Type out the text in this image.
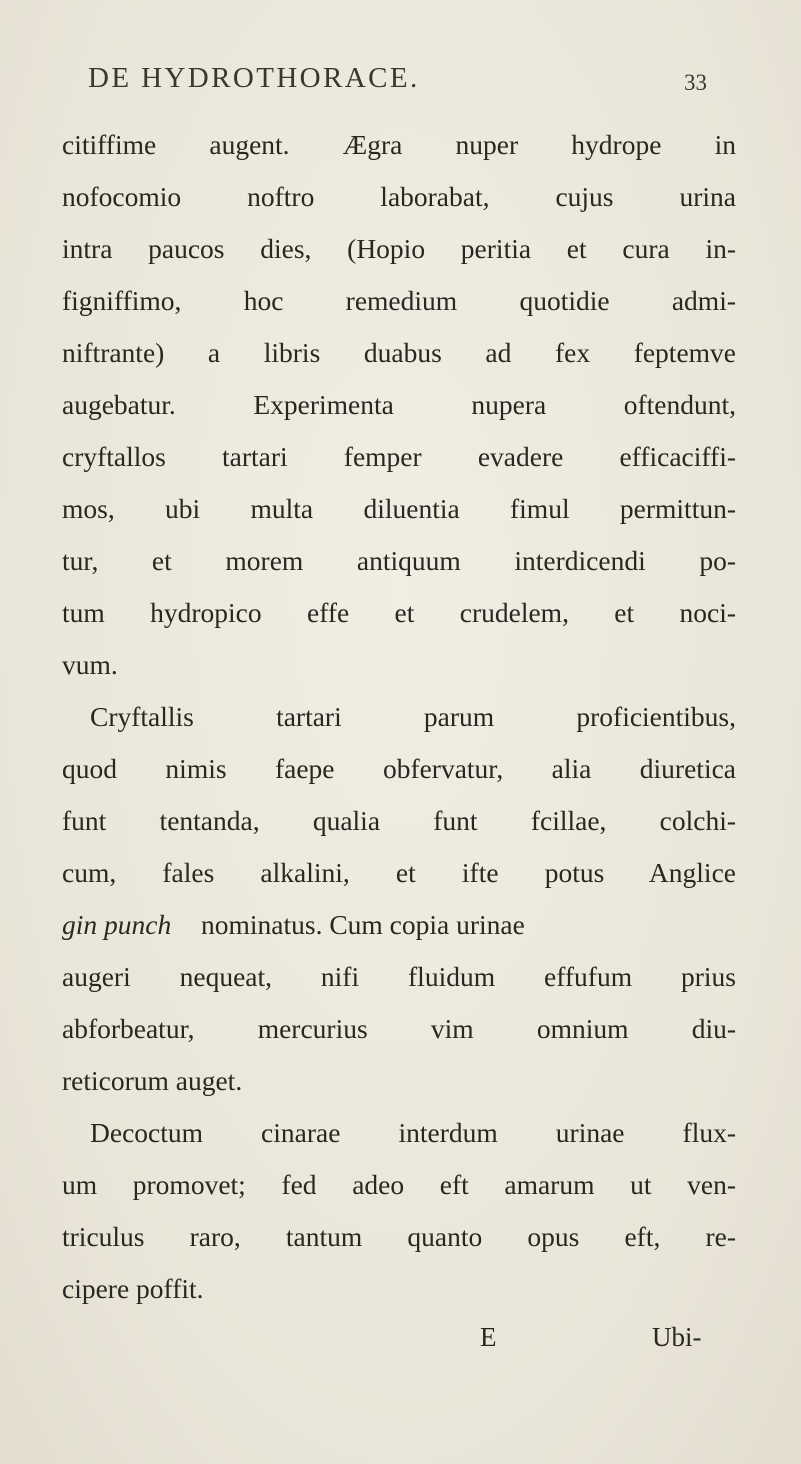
DE HYDROTHORACE.	33
citiffime augent. Ægra nuper hydrope in
nofocomio noftro laborabat, cujus urina
intra paucos dies, (Hopio peritia et cura in-
figniffimo, hoc remedium quotidie admi-
niftrante) a libris duabus ad fex feptemve
augebatur. Experimenta nupera oftendunt,
cryftallos tartari femper evadere efficaciffi-
mos, ubi multa diluentia fimul permittun-
tur, et morem antiquum interdicendi po-
tum hydropico effe et crudelem, et noci-
vum.
Cryftallis tartari parum proficientibus,
quod nimis faepe obfervatur, alia diuretica
funt tentanda, qualia funt fcillae, colchi-
cum, fales alkalini, et ifte potus Anglice
gin punch nominatus. Cum copia urinae
augeri nequeat, nifi fluidum effufum prius
abforbeatur, mercurius vim omnium diu-
reticorum auget.
Decoctum cinarae interdum urinae flux-
um promovet; fed adeo eft amarum ut ven-
triculus raro, tantum quanto opus eft, re-
cipere poffit.
E	Ubi-
